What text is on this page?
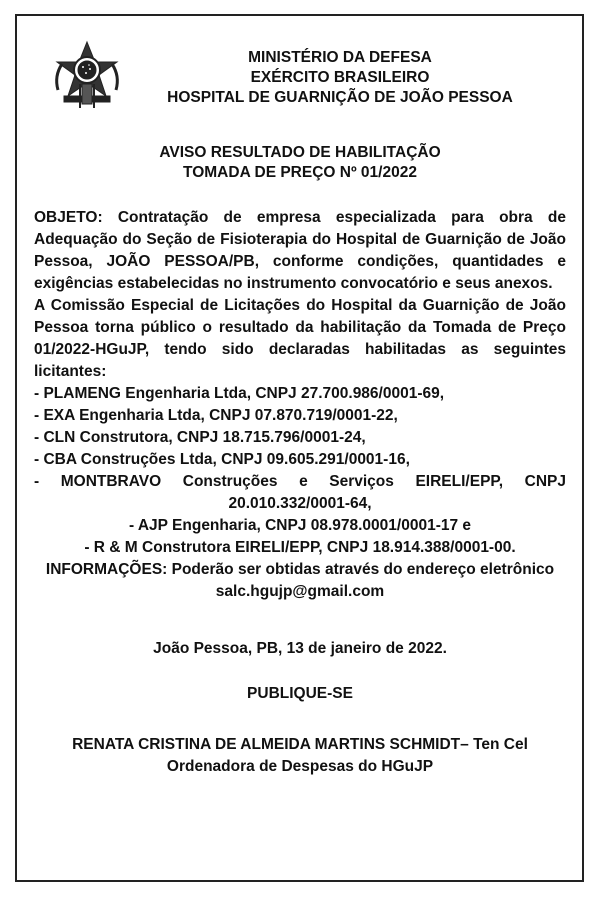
MINISTÉRIO DA DEFESA
EXÉRCITO BRASILEIRO
HOSPITAL DE GUARNIÇÃO DE JOÃO PESSOA
AVISO RESULTADO DE HABILITAÇÃO
TOMADA DE PREÇO Nº 01/2022
OBJETO: Contratação de empresa especializada para obra de Adequação do Seção de Fisioterapia do Hospital de Guarnição de João Pessoa, JOÃO PESSOA/PB, conforme condições, quantidades e exigências estabelecidas no instrumento convocatório e seus anexos.
A Comissão Especial de Licitações do Hospital da Guarnição de João Pessoa torna público o resultado da habilitação da Tomada de Preço 01/2022-HGuJP, tendo sido declaradas habilitadas as seguintes licitantes:
- PLAMENG Engenharia Ltda, CNPJ 27.700.986/0001-69,
- EXA Engenharia Ltda, CNPJ 07.870.719/0001-22,
- CLN Construtora, CNPJ 18.715.796/0001-24,
- CBA Construções Ltda, CNPJ 09.605.291/0001-16,
- MONTBRAVO Construções e Serviços EIRELI/EPP, CNPJ
20.010.332/0001-64,
- AJP Engenharia, CNPJ 08.978.0001/0001-17 e
- R & M Construtora EIRELI/EPP, CNPJ 18.914.388/0001-00.
INFORMAÇÕES: Poderão ser obtidas através do endereço eletrônico
salc.hgujp@gmail.com
João Pessoa, PB, 13 de janeiro de 2022.
PUBLIQUE-SE
RENATA CRISTINA DE ALMEIDA MARTINS SCHMIDT– Ten Cel
Ordenadora de Despesas do HGuJP
